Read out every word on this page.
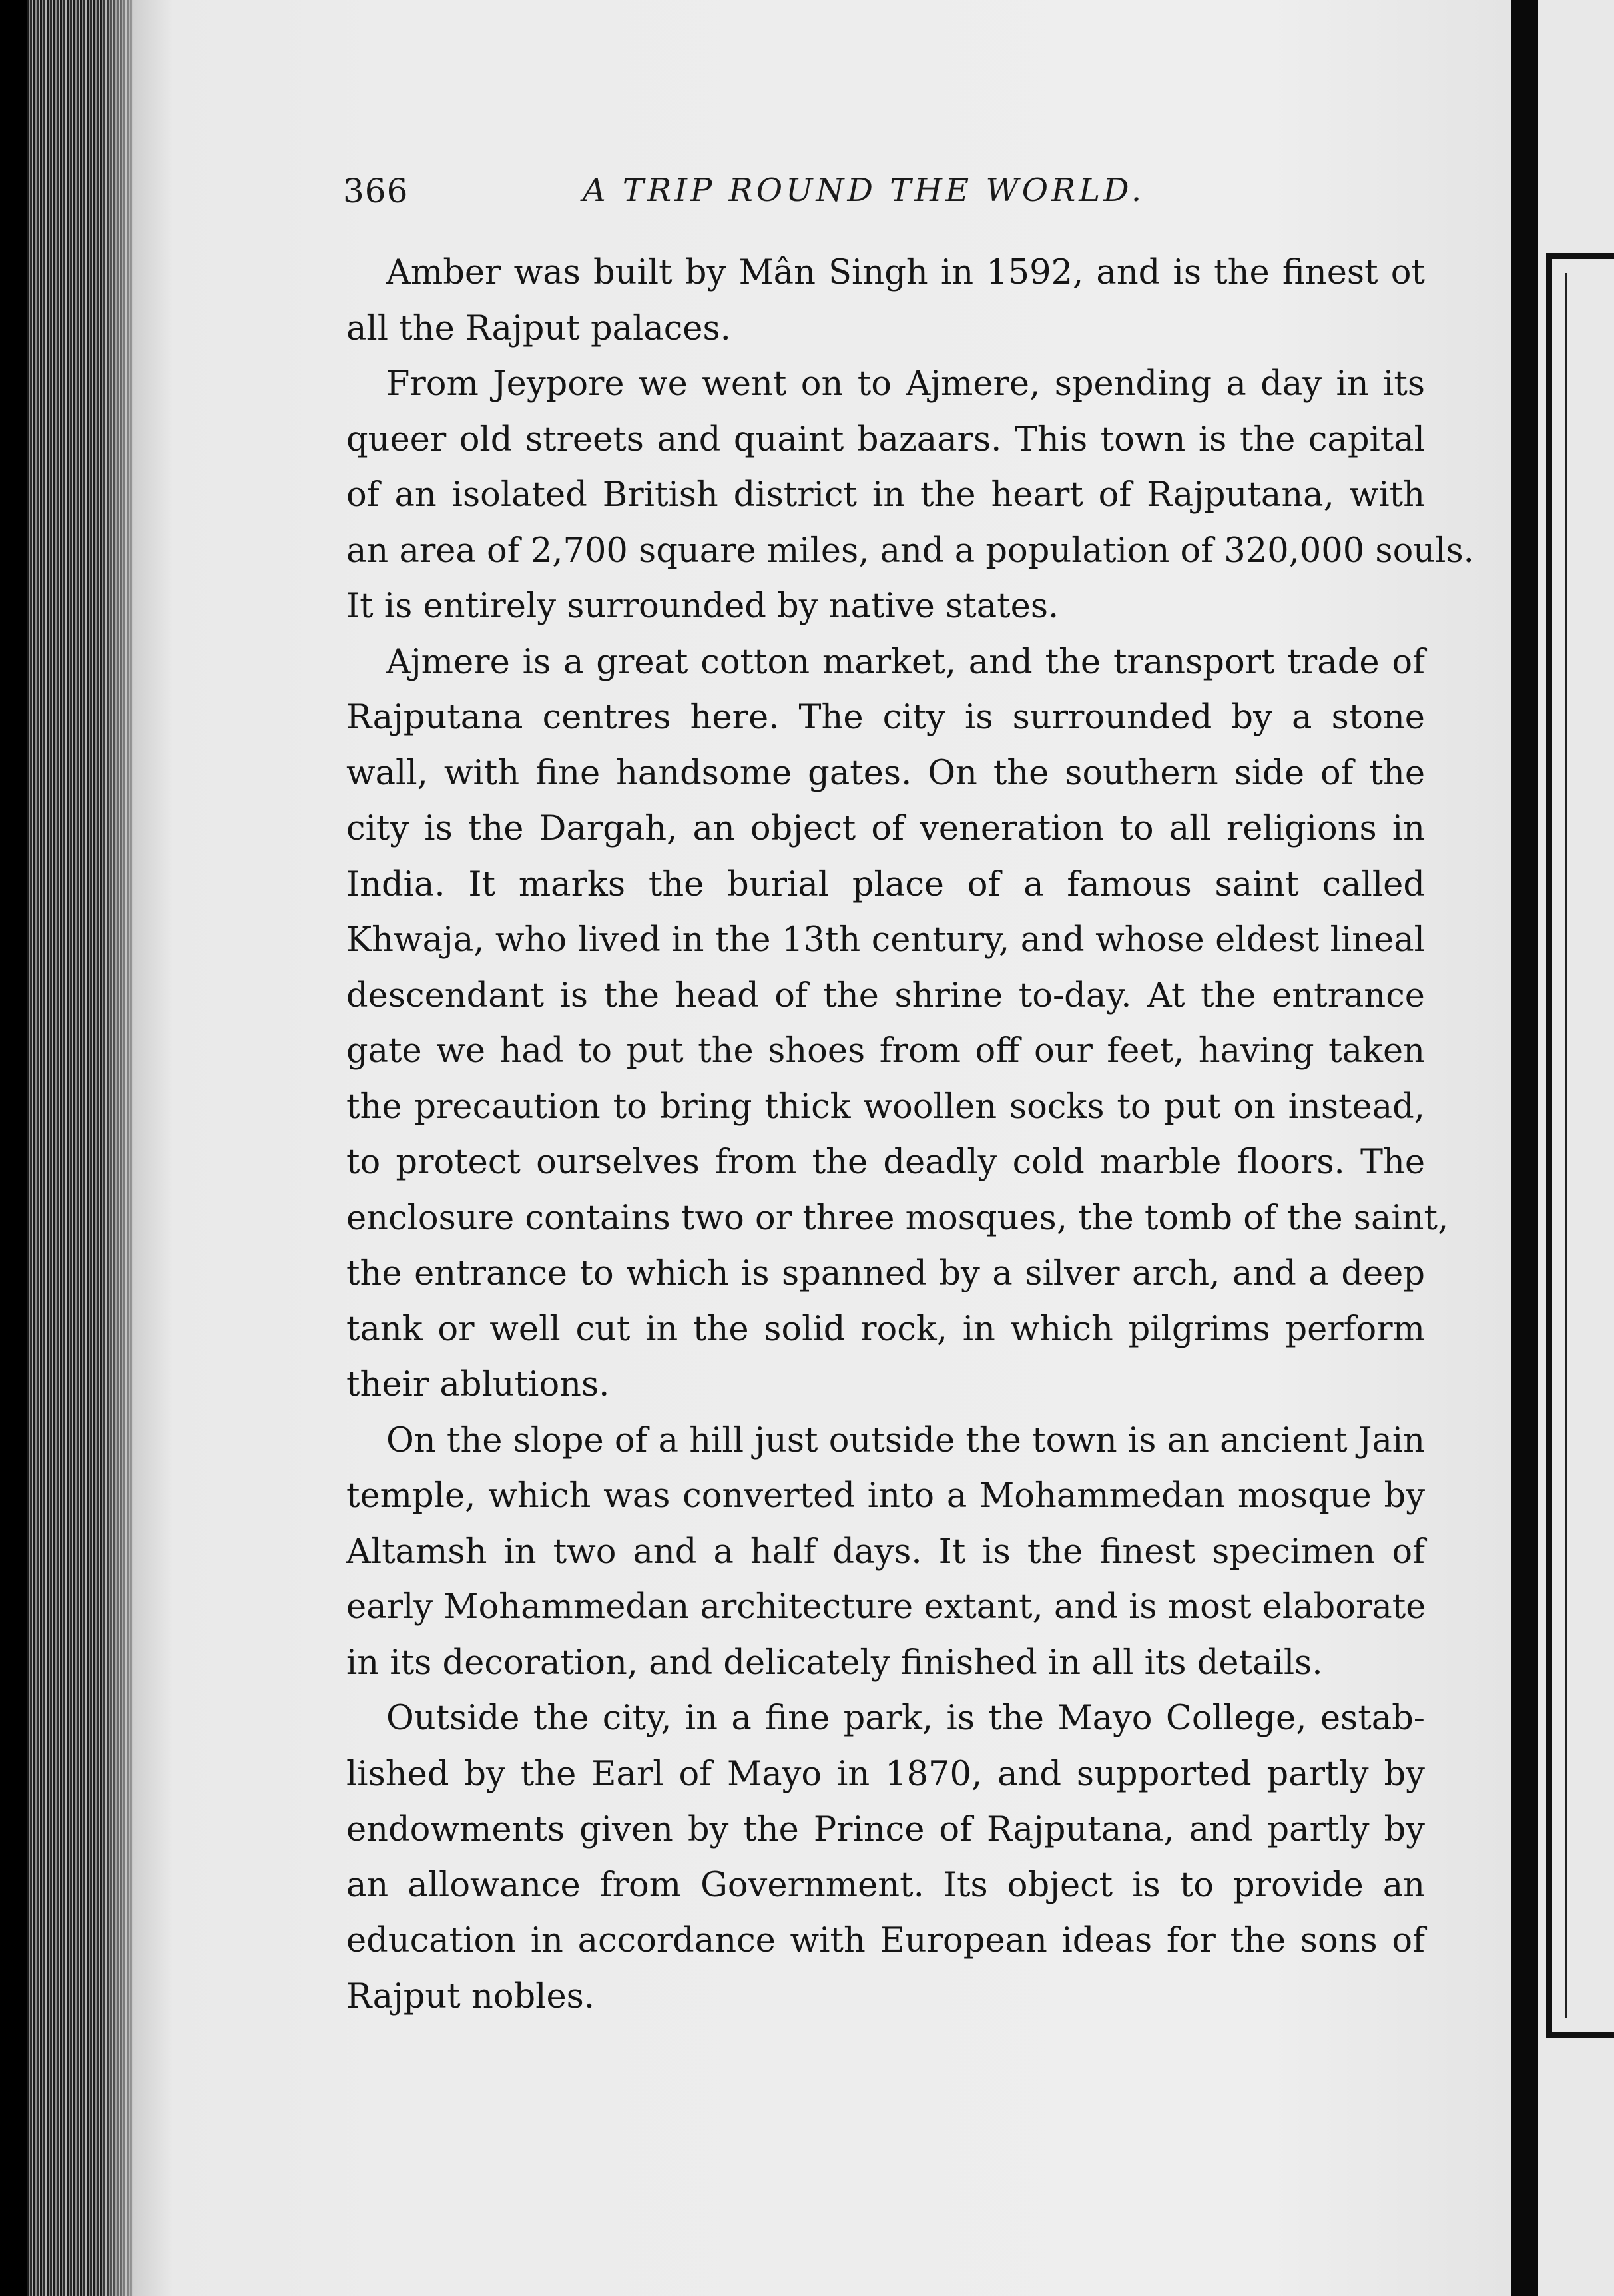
366	A TRIP ROUND THE WORLD.

Amber was built by Mân Singh in 1592, and is the finest ot
all the Rajput palaces.

From Jeypore we went on to Ajmere, spending a day in its
queer old streets and quaint bazaars. This town is the capital
of an isolated British district in the heart of Rajputana, with
an area of 2,700 square miles, and a population of 320,000 souls.
It is entirely surrounded by native states.

Ajmere is a great cotton market, and the transport trade of
Rajputana centres here. The city is surrounded by a stone
wall, with fine handsome gates. On the southern side of the
city is the Dargah, an object of veneration to all religions in
India. It marks the burial place of a famous saint called
Khwaja, who lived in the 13th century, and whose eldest lineal
descendant is the head of the shrine to-day. At the entrance
gate we had to put the shoes from off our feet, having taken
the precaution to bring thick woollen socks to put on instead,
to protect ourselves from the deadly cold marble floors. The
enclosure contains two or three mosques, the tomb of the saint,
the entrance to which is spanned by a silver arch, and a deep
tank or well cut in the solid rock, in which pilgrims perform
their ablutions.

On the slope of a hill just outside the town is an ancient Jain
temple, which was converted into a Mohammedan mosque by
Altamsh in two and a half days. It is the finest specimen of
early Mohammedan architecture extant, and is most elaborate
in its decoration, and delicately finished in all its details.

Outside the city, in a fine park, is the Mayo College, estab-
lished by the Earl of Mayo in 1870, and supported partly by
endowments given by the Prince of Rajputana, and partly by
an allowance from Government. Its object is to provide an
education in accordance with European ideas for the sons of
Rajput nobles.
